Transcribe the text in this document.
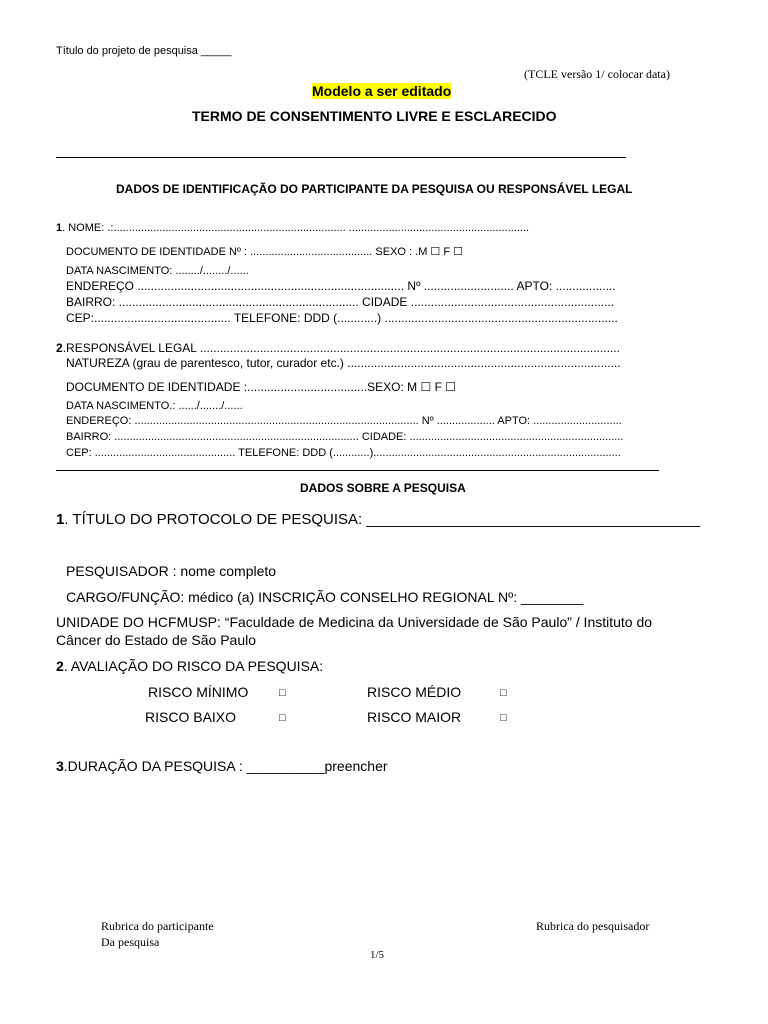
Título do projeto de pesquisa _____
(TCLE versão 1/ colocar data)
Modelo a ser editado
TERMO DE CONSENTIMENTO LIVRE E ESCLARECIDO
DADOS DE IDENTIFICAÇÃO DO PARTICIPANTE DA PESQUISA OU RESPONSÁVEL LEGAL
1. NOME: .:............................................................................ ...........................................................
DOCUMENTO DE IDENTIDADE Nº : ........................................ SEXO : .M ☐ F ☐
DATA NASCIMENTO: ......../......../......
ENDEREÇO ................................................................................ Nº ........................... APTO: ..................
BAIRRO: ........................................................................ CIDADE .............................................................
CEP:......................................... TELEFONE: DDD (............) ......................................................................
2.RESPONSÁVEL LEGAL ..............................................................................................................................
NATUREZA (grau de parentesco, tutor, curador etc.) ..................................................................................
DOCUMENTO DE IDENTIDADE :....................................SEXO: M ☐ F ☐
DATA NASCIMENTO.: ....../......./......
ENDEREÇO: ............................................................................................. Nº ................... APTO: .............................
BAIRRO: ................................................................................ CIDADE: ......................................................................
CEP: .............................................. TELEFONE: DDD (............).................................................................................
DADOS SOBRE A PESQUISA
1. TÍTULO DO PROTOCOLO DE PESQUISA: ________________________________________
PESQUISADOR : nome completo
CARGO/FUNÇÃO: médico (a) INSCRIÇÃO CONSELHO REGIONAL Nº: ________
UNIDADE DO HCFMUSP: “Faculdade de Medicina da Universidade de São Paulo” / Instituto do
Câncer do Estado de São Paulo
2. AVALIAÇÃO DO RISCO DA PESQUISA:
RISCO MÍNIMO	□	RISCO MÉDIO	□
RISCO BAIXO	□	RISCO MAIOR	□
3.DURAÇÃO DA PESQUISA : __________preencher
Rubrica do participante
Da pesquisa
Rubrica do pesquisador
1/5
